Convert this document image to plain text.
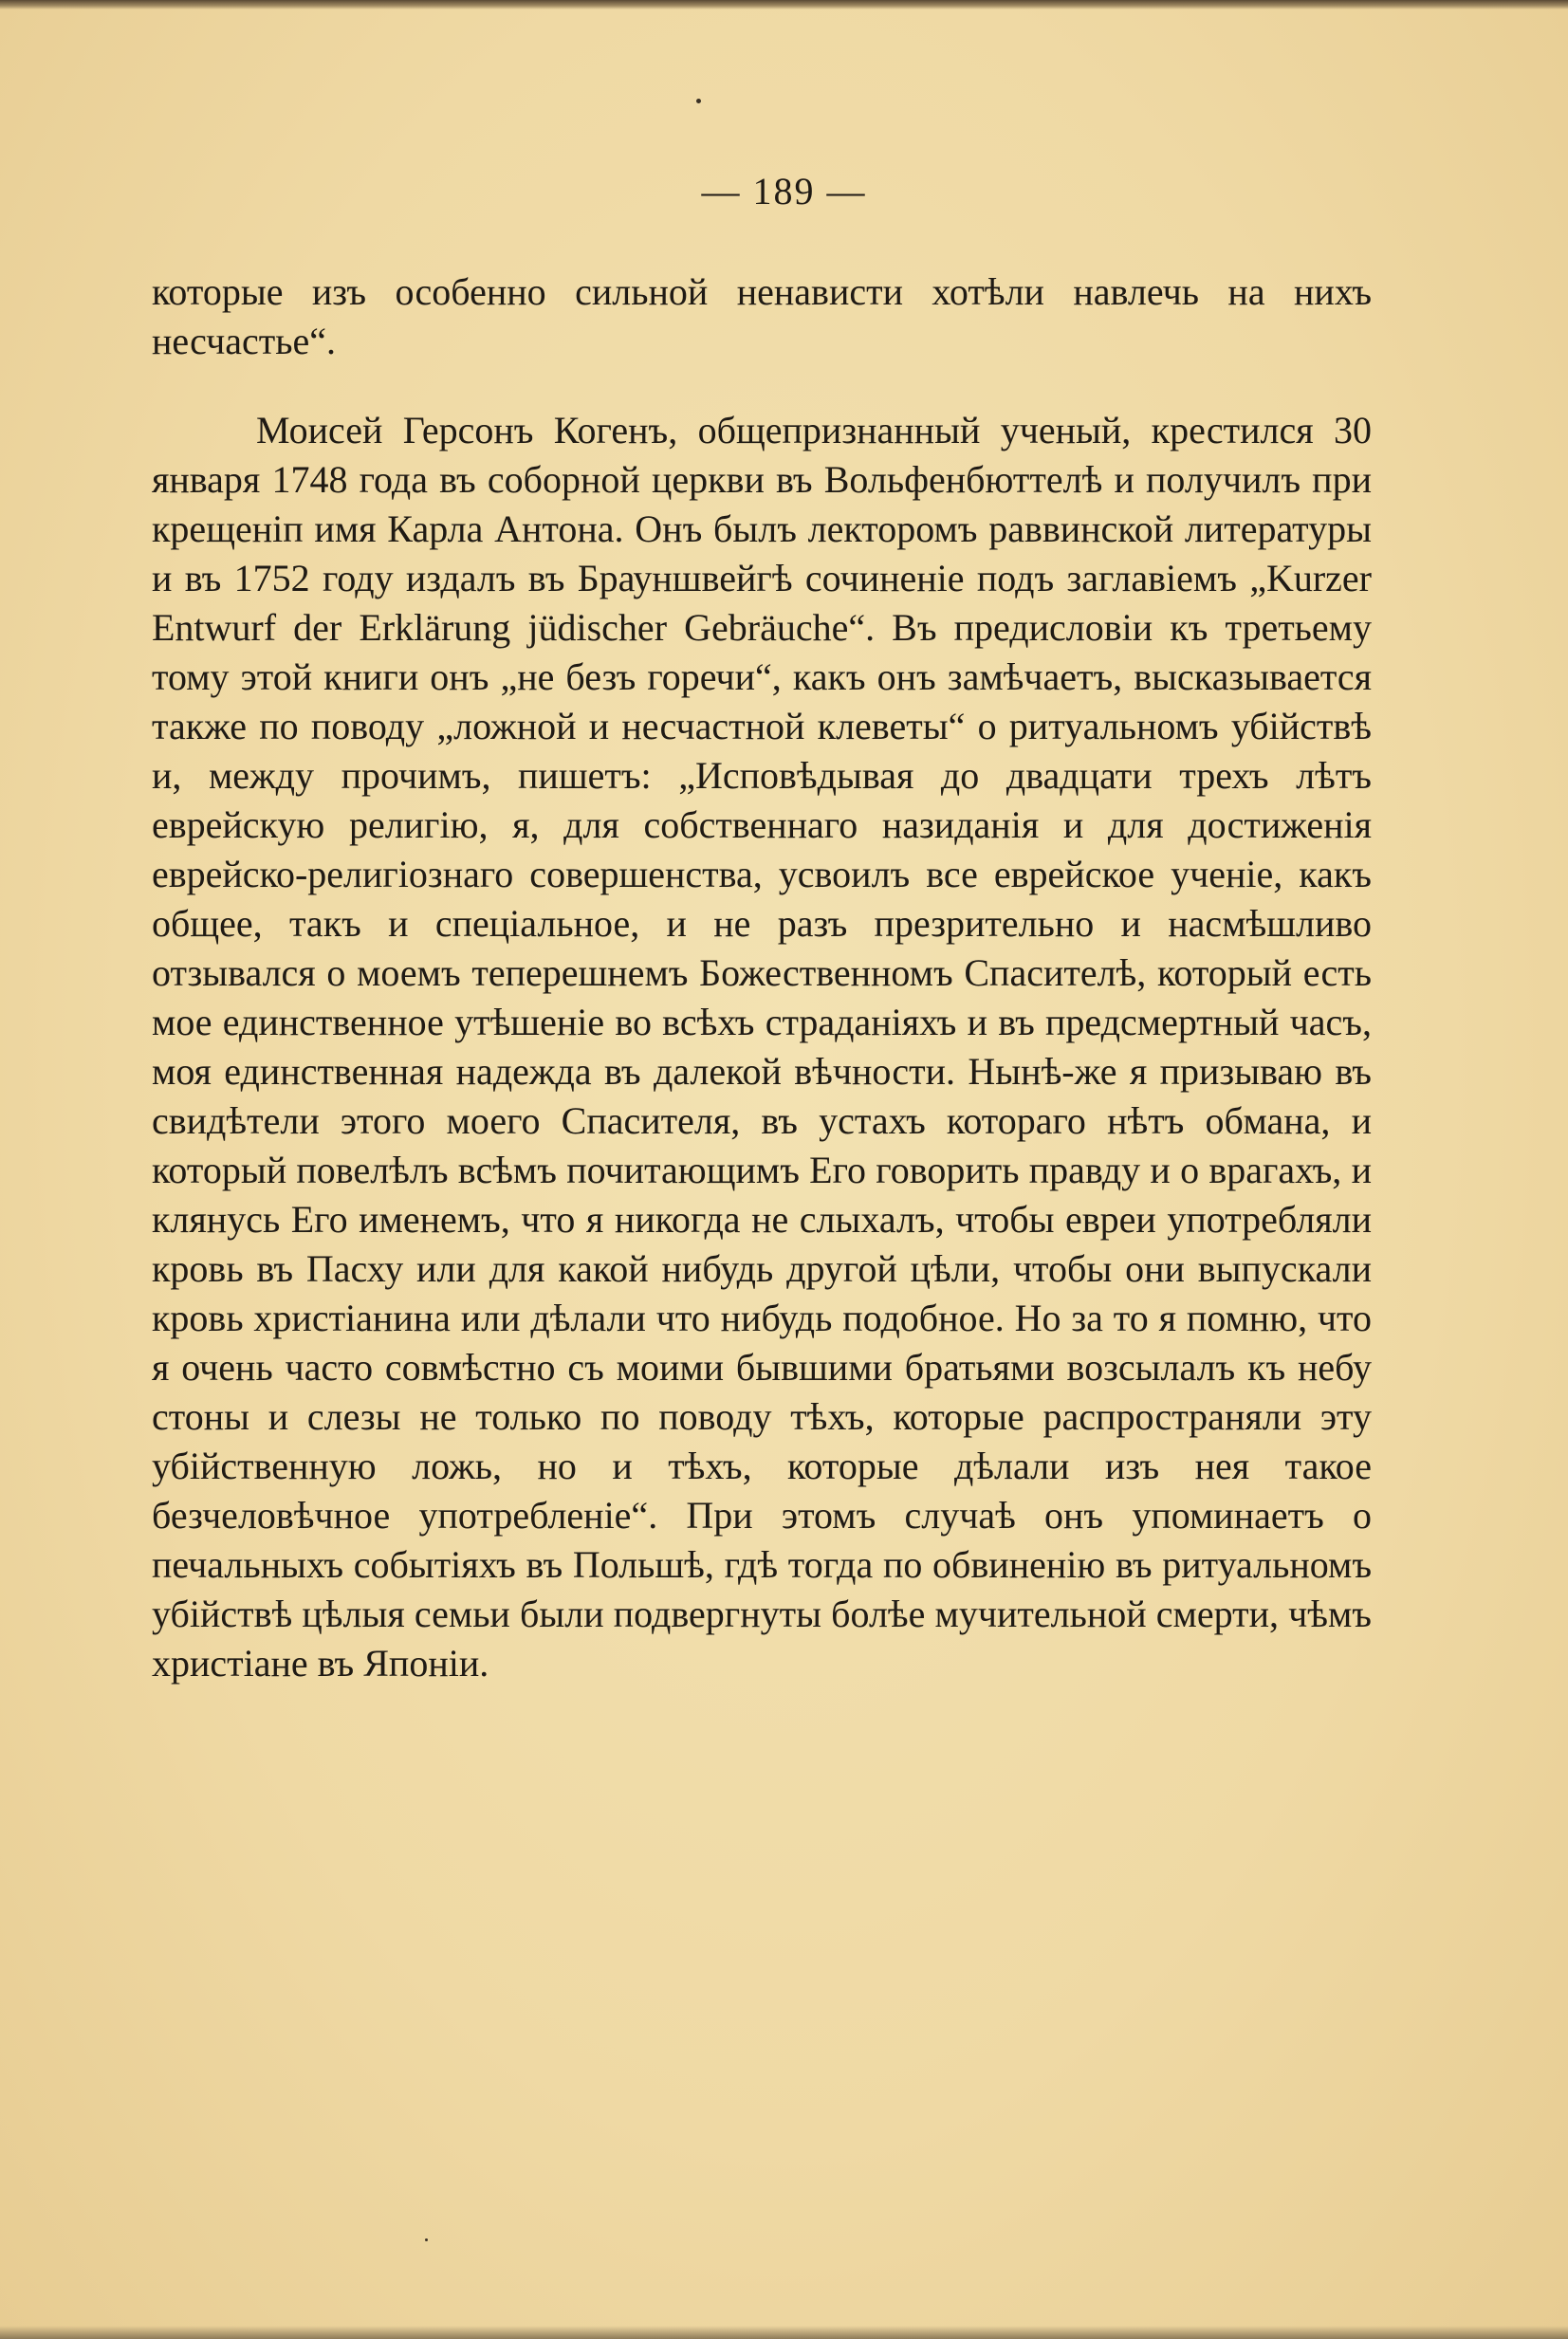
— 189 —

которые изъ особенно сильной ненависти хотѣли навлечь на нихъ несчастье“.

Моисей Герсонъ Когенъ, общепризнанный ученый, крестился 30 января 1748 года въ соборной церкви въ Вольфенбюттелѣ и получилъ при крещеніп имя Карла Антона. Онъ былъ лекторомъ раввинской литературы и въ 1752 году издалъ въ Брауншвейгѣ сочиненіе подъ заглавіемъ „Kurzer Entwurf der Erklärung jüdischer Gebräuche“. Въ предисловіи къ третьему тому этой книги онъ „не безъ горечи“, какъ онъ замѣчаетъ, высказывается также по поводу „ложной и несчастной клеветы“ о ритуальномъ убійствѣ и, между прочимъ, пишетъ: „Исповѣдывая до двадцати трехъ лѣтъ еврейскую религію, я, для собственнаго назиданія и для достиженія еврейско-религіознаго совершенства, усвоилъ все еврейское ученіе, какъ общее, такъ и спеціальное, и не разъ презрительно и насмѣшливо отзывался о моемъ теперешнемъ Божественномъ Спасителѣ, который есть мое единственное утѣшеніе во всѣхъ страданіяхъ и въ предсмертный часъ, моя единственная надежда въ далекой вѣчности. Нынѣ-же я призываю въ свидѣтели этого моего Спасителя, въ устахъ котораго нѣтъ обмана, и который повелѣлъ всѣмъ почитающимъ Его говорить правду и о врагахъ, и клянусь Его именемъ, что я никогда не слыхалъ, чтобы евреи употребляли кровь въ Пасху или для какой нибудь другой цѣли, чтобы они выпускали кровь христіанина или дѣлали что нибудь подобное. Но за то я помню, что я очень часто совмѣстно съ моими бывшими братьями возсылалъ къ небу стоны и слезы не только по поводу тѣхъ, которые распространяли эту убійственную ложь, но и тѣхъ, которые дѣлали изъ нея такое безчеловѣчное употребленіе“. При этомъ случаѣ онъ упоминаетъ о печальныхъ событіяхъ въ Польшѣ, гдѣ тогда по обвиненію въ ритуальномъ убійствѣ цѣлыя семьи были подвергнуты болѣе мучительной смерти, чѣмъ христіане въ Японіи.
